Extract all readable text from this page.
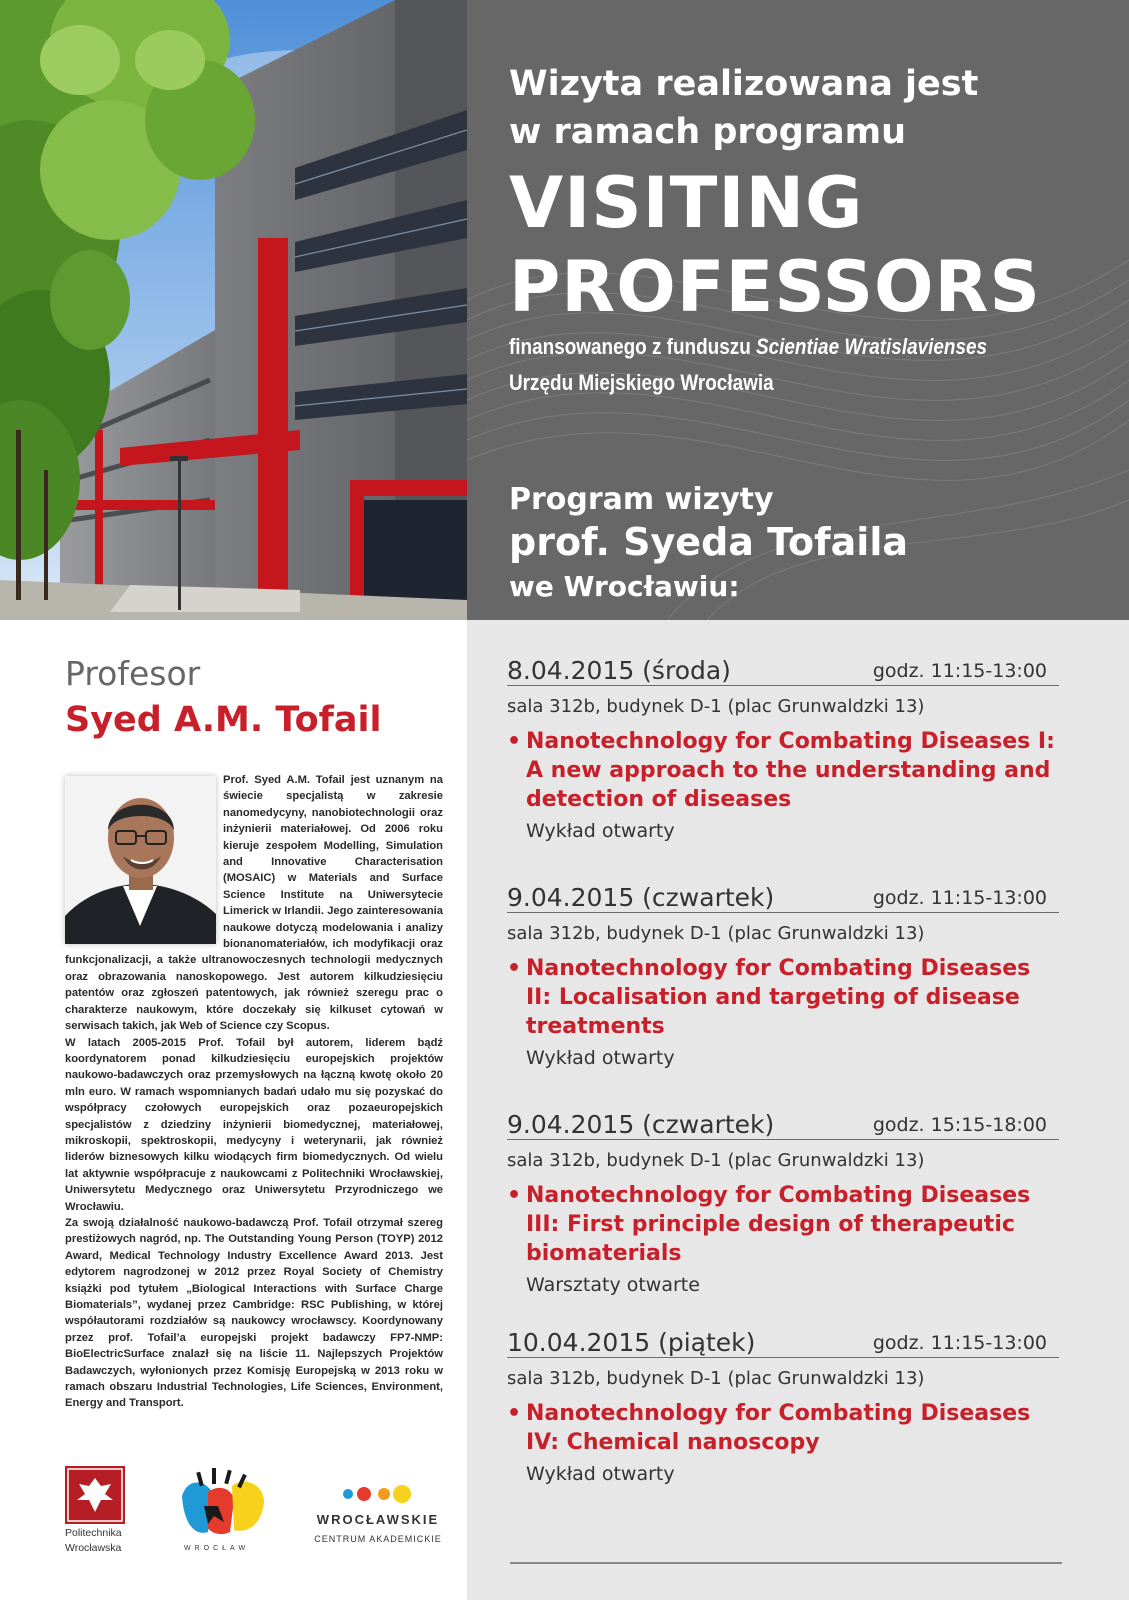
Wizyta realizowana jest
w ramach programu
VISITING
PROFESSORS
finansowanego z funduszu Scientiae Wratislavienses
Urzędu Miejskiego Wrocławia
Program wizyty
prof. Syeda Tofaila
we Wrocławiu:
8.04.2015 (środa)	godz. 11:15-13:00
sala 312b, budynek D-1 (plac Grunwaldzki 13)
• Nanotechnology for Combating Diseases I: A new approach to the understanding and detection of diseases
Wykład otwarty
9.04.2015 (czwartek)	godz. 11:15-13:00
sala 312b, budynek D-1 (plac Grunwaldzki 13)
• Nanotechnology for Combating Diseases II: Localisation and targeting of disease treatments
Wykład otwarty
9.04.2015 (czwartek)	godz. 15:15-18:00
sala 312b, budynek D-1 (plac Grunwaldzki 13)
• Nanotechnology for Combating Diseases III: First principle design of therapeutic biomaterials
Warsztaty otwarte
10.04.2015 (piątek)	godz. 11:15-13:00
sala 312b, budynek D-1 (plac Grunwaldzki 13)
• Nanotechnology for Combating Diseases IV: Chemical nanoscopy
Wykład otwarty
Profesor
Syed A.M. Tofail

Prof. Syed A.M. Tofail jest uznanym na świecie specjalistą w zakresie nanomedycyny, nanobiotechnologii oraz inżynierii materiałowej. Od 2006 roku kieruje zespołem Modelling, Simulation and Innovative Characterisation (MOSAIC) w Materials and Surface Science Institute na Uniwersytecie Limerick w Irlandii. Jego zainteresowania naukowe dotyczą modelowania i analizy bionanomateriałów, ich modyfikacji oraz funkcjonalizacji, a także ultranowoczesnych technologii medycznych oraz obrazowania nanoskopowego. Jest autorem kilkudziesięciu patentów oraz zgłoszeń patentowych, jak również szeregu prac o charakterze naukowym, które doczekały się kilkuset cytowań w serwisach takich, jak Web of Science czy Scopus.

W latach 2005-2015 Prof. Tofail był autorem, liderem bądź koordynatorem ponad kilkudziesięciu europejskich projektów naukowo-badawczych oraz przemysłowych na łączną kwotę około 20 mln euro. W ramach wspomnianych badań udało mu się pozyskać do współpracy czołowych europejskich oraz pozaeuropejskich specjalistów z dziedziny inżynierii biomedycznej, materiałowej, mikroskopii, spektroskopii, medycyny i weterynarii, jak również liderów biznesowych kilku wiodących firm biomedycznych. Od wielu lat aktywnie współpracuje z naukowcami z Politechniki Wrocławskiej, Uniwersytetu Medycznego oraz Uniwersytetu Przyrodniczego we Wrocławiu.

Za swoją działalność naukowo-badawczą Prof. Tofail otrzymał szereg prestiżowych nagród, np. The Outstanding Young Person (TOYP) 2012 Award, Medical Technology Industry Excellence Award 2013. Jest edytorem nagrodzonej w 2012 przez Royal Society of Chemistry książki pod tytułem „Biological Interactions with Surface Charge Biomaterials”, wydanej przez Cambridge: RSC Publishing, w której współautorami rozdziałów są naukowcy wrocławscy. Koordynowany przez prof. Tofail’a europejski projekt badawczy FP7-NMP: BioElectricSurface znalazł się na liście 11. Najlepszych Projektów Badawczych, wyłonionych przez Komisję Europejską w 2013 roku w ramach obszaru Industrial Technologies, Life Sciences, Environment, Energy and Transport.

Politechnika
Wrocławska	WROCŁAW
WROCŁAWSKIE
CENTRUM AKADEMICKIE
